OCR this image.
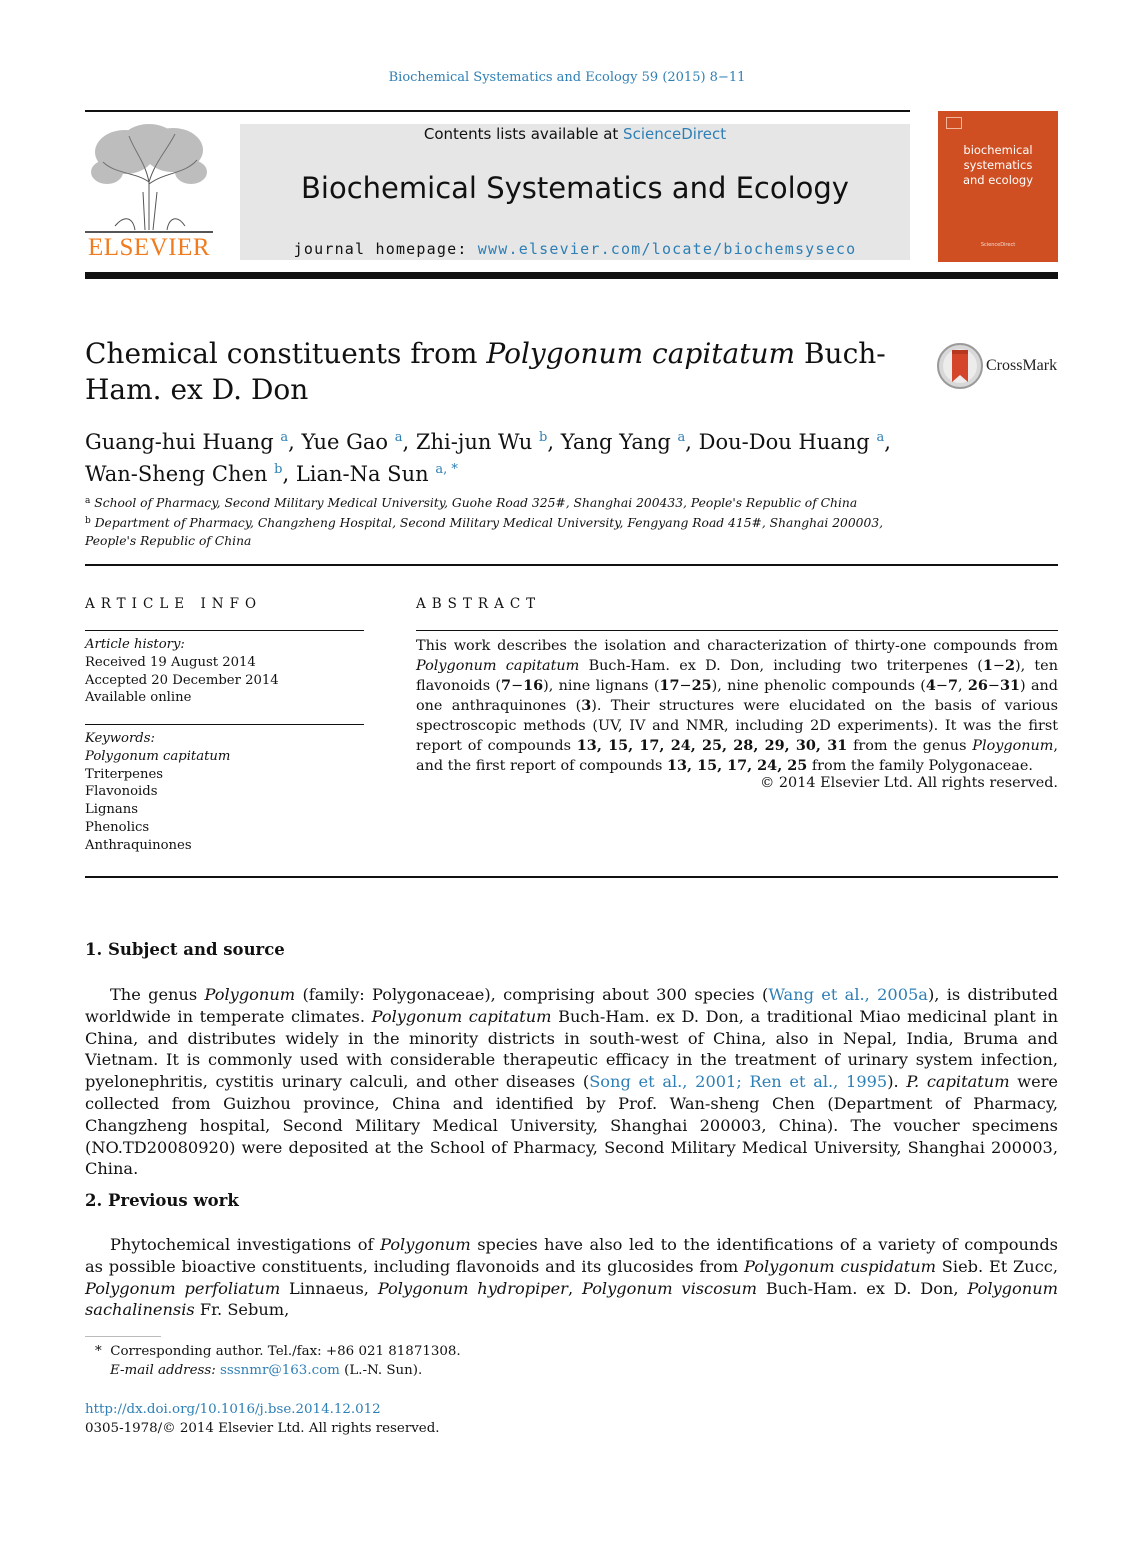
Biochemical Systematics and Ecology 59 (2015) 8−11
ELSEVIER
Contents lists available at ScienceDirect
Biochemical Systematics and Ecology
journal homepage: www.elsevier.com/locate/biochemsyseco
biochemical
systematics
and ecology
ScienceDirect
Chemical constituents from Polygonum capitatum Buch-Ham. ex D. Don
CrossMark
Guang-hui Huang $^a$, Yue Gao $^a$, Zhi-jun Wu $^b$, Yang Yang $^a$, Dou-Dou Huang $^a$,
Wan-Sheng Chen $^b$, Lian-Na Sun $^{a, *}$
$^a$ School of Pharmacy, Second Military Medical University, Guohe Road 325#, Shanghai 200433, People's Republic of China
$^b$ Department of Pharmacy, Changzheng Hospital, Second Military Medical University, Fengyang Road 415#, Shanghai 200003, People's Republic of China
ARTICLE INFO
Article history:
Received 19 August 2014
Accepted 20 December 2014
Available online
Keywords:
Polygonum capitatum
Triterpenes
Flavonoids
Lignans
Phenolics
Anthraquinones
ABSTRACT
This work describes the isolation and characterization of thirty-one compounds from Polygonum capitatum Buch-Ham. ex D. Don, including two triterpenes (1−2), ten flavonoids (7−16), nine lignans (17−25), nine phenolic compounds (4−7, 26−31) and one anthraquinones (3). Their structures were elucidated on the basis of various spectroscopic methods (UV, IV and NMR, including 2D experiments). It was the first report of compounds 13, 15, 17, 24, 25, 28, 29, 30, 31 from the genus Ploygonum, and the first report of compounds 13, 15, 17, 24, 25 from the family Polygonaceae.
© 2014 Elsevier Ltd. All rights reserved.
1. Subject and source
The genus Polygonum (family: Polygonaceae), comprising about 300 species (Wang et al., 2005a), is distributed worldwide in temperate climates. Polygonum capitatum Buch-Ham. ex D. Don, a traditional Miao medicinal plant in China, and distributes widely in the minority districts in south-west of China, also in Nepal, India, Bruma and Vietnam. It is commonly used with considerable therapeutic efficacy in the treatment of urinary system infection, pyelonephritis, cystitis urinary calculi, and other diseases (Song et al., 2001; Ren et al., 1995). P. capitatum were collected from Guizhou province, China and identified by Prof. Wan-sheng Chen (Department of Pharmacy, Changzheng hospital, Second Military Medical University, Shanghai 200003, China). The voucher specimens (NO.TD20080920) were deposited at the School of Pharmacy, Second Military Medical University, Shanghai 200003, China.
2. Previous work
Phytochemical investigations of Polygonum species have also led to the identifications of a variety of compounds as possible bioactive constituents, including flavonoids and its glucosides from Polygonum cuspidatum Sieb. Et Zucc, Polygonum perfoliatum Linnaeus, Polygonum hydropiper, Polygonum viscosum Buch-Ham. ex D. Don, Polygonum sachalinensis Fr. Sebum,
* Corresponding author. Tel./fax: +86 021 81871308.
E-mail address: sssnmr@163.com (L.-N. Sun).
http://dx.doi.org/10.1016/j.bse.2014.12.012
0305-1978/© 2014 Elsevier Ltd. All rights reserved.
